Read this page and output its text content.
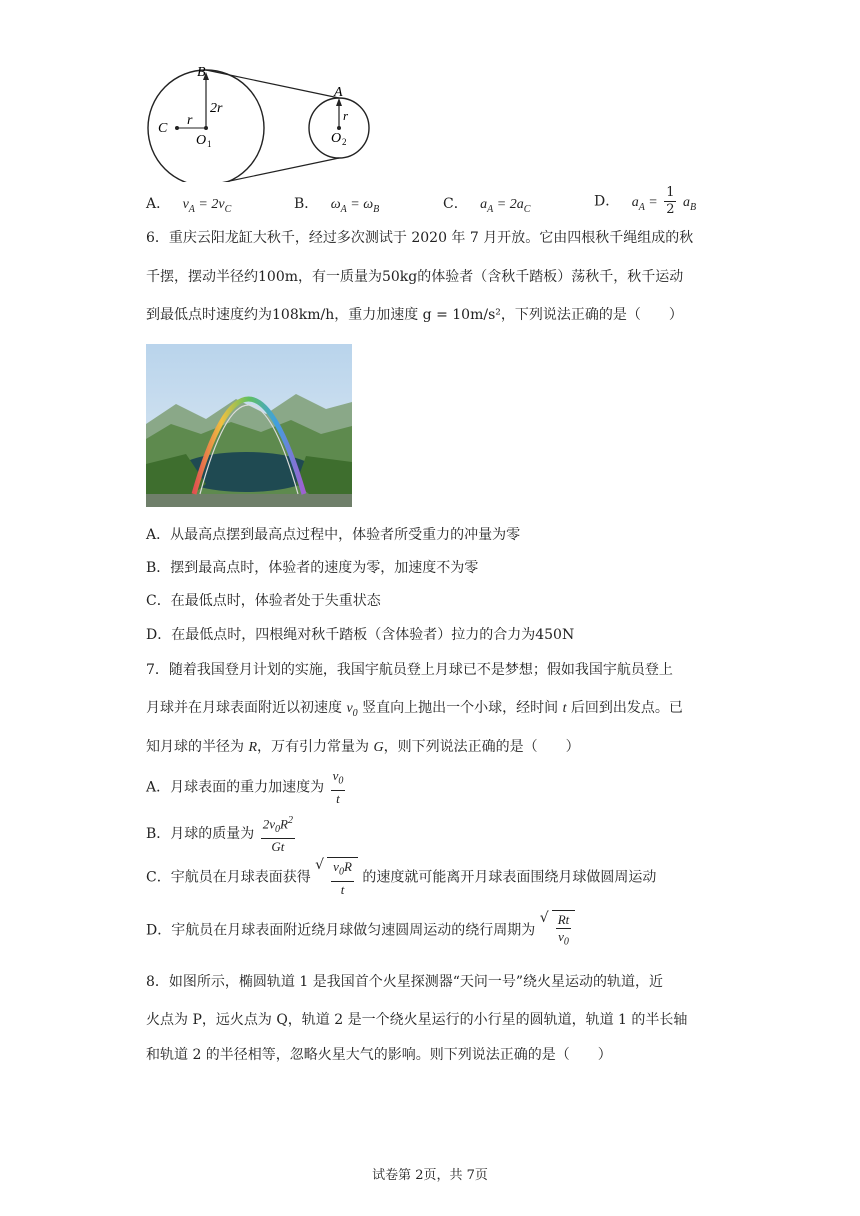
B
2r
C
r
O 1
A
r
O 2
A． $v_A = 2v_C$	B． $\omega_A = \omega_B$	C． $a_A = 2a_C$	D． $a_A = \frac{1}{2} a_B$
6．重庆云阳龙缸大秋千，经过多次测试于 2020 年 7 月开放。它由四根秋千绳组成的秋
千摆，摆动半径约100m，有一质量为50kg的体验者（含秋千踏板）荡秋千，秋千运动
到最低点时速度约为108km/h，重力加速度 g = 10m/s²，下列说法正确的是（　　）
A．从最高点摆到最高点过程中，体验者所受重力的冲量为零
B．摆到最高点时，体验者的速度为零，加速度不为零
C．在最低点时，体验者处于失重状态
D．在最低点时，四根绳对秋千踏板（含体验者）拉力的合力为450N
7．随着我国登月计划的实施，我国宇航员登上月球已不是梦想；假如我国宇航员登上
月球并在月球表面附近以初速度 $v_0$ 竖直向上抛出一个小球，经时间 t 后回到出发点。已
知月球的半径为 R，万有引力常量为 G，则下列说法正确的是（　　）
A．月球表面的重力加速度为 $\frac{v_0}{t}$
B．月球的质量为 $\frac{2v_0R^2}{Gt}$
C．宇航员在月球表面获得
√ $\frac{v_0R}{t}$ 的速度就可能离开月球表面围绕月球做圆周运动
D．宇航员在月球表面附近绕月球做匀速圆周运动的绕行周期为
√ $\frac{Rt}{v_0}$
8．如图所示，椭圆轨道 1 是我国首个火星探测器“天问一号”绕火星运动的轨道，近
火点为 P，远火点为 Q，轨道 2 是一个绕火星运行的小行星的圆轨道，轨道 1 的半长轴
和轨道 2 的半径相等，忽略火星大气的影响。则下列说法正确的是（　　）
试卷第 2页，共 7页
